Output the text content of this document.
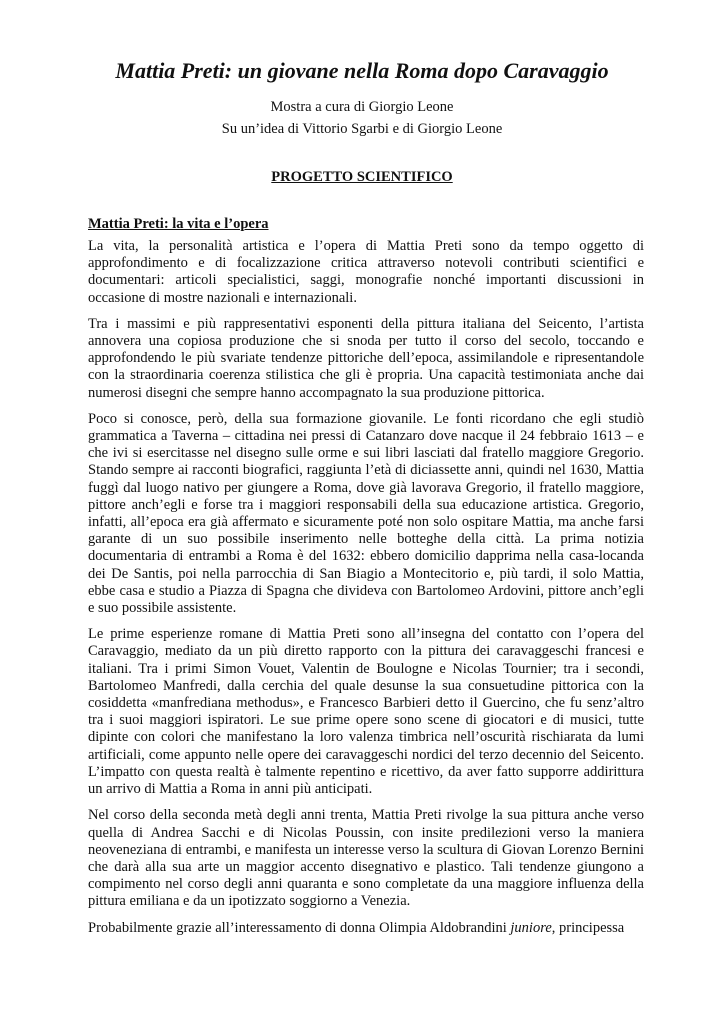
Mattia Preti: un giovane nella Roma dopo Caravaggio

Mostra a cura di Giorgio Leone

Su un’idea di Vittorio Sgarbi e di Giorgio Leone

PROGETTO SCIENTIFICO

Mattia Preti: la vita e l’opera

La vita, la personalità artistica e l’opera di Mattia Preti sono da tempo oggetto di approfondimento e di focalizzazione critica attraverso notevoli contributi scientifici e documentari: articoli specialistici, saggi, monografie nonché importanti discussioni in occasione di mostre nazionali e internazionali.

Tra i massimi e più rappresentativi esponenti della pittura italiana del Seicento, l’artista annovera una copiosa produzione che si snoda per tutto il corso del secolo, toccando e approfondendo le più svariate tendenze pittoriche dell’epoca, assimilandole e ripresentandole con la straordinaria coerenza stilistica che gli è propria. Una capacità testimoniata anche dai numerosi disegni che sempre hanno accompagnato la sua produzione pittorica.

Poco si conosce, però, della sua formazione giovanile. Le fonti ricordano che egli studiò grammatica a Taverna – cittadina nei pressi di Catanzaro dove nacque il 24 febbraio 1613 – e che ivi si esercitasse nel disegno sulle orme e sui libri lasciati dal fratello maggiore Gregorio. Stando sempre ai racconti biografici, raggiunta l’età di diciassette anni, quindi nel 1630, Mattia fuggì dal luogo nativo per giungere a Roma, dove già lavorava Gregorio, il fratello maggiore, pittore anch’egli e forse tra i maggiori responsabili della sua educazione artistica. Gregorio, infatti, all’epoca era già affermato e sicuramente poté non solo ospitare Mattia, ma anche farsi garante di un suo possibile inserimento nelle botteghe della città. La prima notizia documentaria di entrambi a Roma è del 1632: ebbero domicilio dapprima nella casa-locanda dei De Santis, poi nella parrocchia di San Biagio a Montecitorio e, più tardi, il solo Mattia, ebbe casa e studio a Piazza di Spagna che divideva con Bartolomeo Ardovini, pittore anch’egli e suo possibile assistente.

Le prime esperienze romane di Mattia Preti sono all’insegna del contatto con l’opera del Caravaggio, mediato da un più diretto rapporto con la pittura dei caravaggeschi francesi e italiani. Tra i primi Simon Vouet, Valentin de Boulogne e Nicolas Tournier; tra i secondi, Bartolomeo Manfredi, dalla cerchia del quale desunse la sua consuetudine pittorica con la cosiddetta «manfrediana methodus», e Francesco Barbieri detto il Guercino, che fu senz’altro tra i suoi maggiori ispiratori. Le sue prime opere sono scene di giocatori e di musici, tutte dipinte con colori che manifestano la loro valenza timbrica nell’oscurità rischiarata da lumi artificiali, come appunto nelle opere dei caravaggeschi nordici del terzo decennio del Seicento. L’impatto con questa realtà è talmente repentino e ricettivo, da aver fatto supporre addirittura un arrivo di Mattia a Roma in anni più anticipati.

Nel corso della seconda metà degli anni trenta, Mattia Preti rivolge la sua pittura anche verso quella di Andrea Sacchi e di Nicolas Poussin, con insite predilezioni verso la maniera neoveneziana di entrambi, e manifesta un interesse verso la scultura di Giovan Lorenzo Bernini che darà alla sua arte un maggior accento disegnativo e plastico. Tali tendenze giungono a compimento nel corso degli anni quaranta e sono completate da una maggiore influenza della pittura emiliana e da un ipotizzato soggiorno a Venezia.

Probabilmente grazie all’interessamento di donna Olimpia Aldobrandini juniore, principessa
